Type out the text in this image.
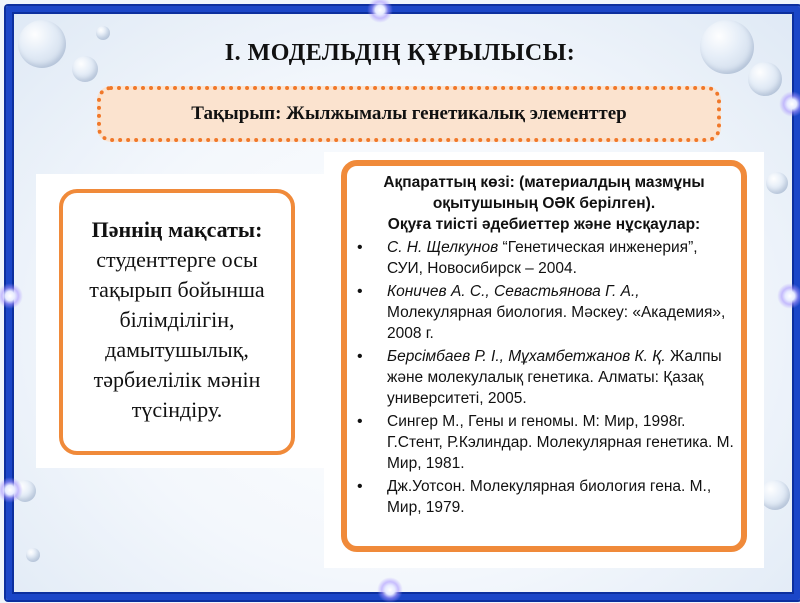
I. МОДЕЛЬДІҢ ҚҰРЫЛЫСЫ:
Тақырып: Жылжымалы генетикалық элементтер
Пәннің мақсаты:
студенттерге осы тақырып бойынша білімділігін, дамытушылық, тәрбиелілік мәнін түсіндіру.
Ақпараттың көзі: (материалдың мазмұны оқытушының ОӘК берілген).
Оқуға тиісті әдебиеттер және нұсқаулар:
• С. Н. Щелкунов “Генетическая инженерия”, СУИ, Новосибирск – 2004.
• Коничев А. С., Севастьянова Г. А., Молекулярная биология. Мәскеу: «Академия», 2008 г.
• Берсімбаев Р. І., Мұхамбетжанов К. Қ. Жалпы және молекулалық генетика. Алматы: Қазақ университеті, 2005.
• Сингер М., Гены и геномы. М: Мир, 1998г. Г.Стент, Р.Кэлиндар. Молекулярная генетика. М. Мир, 1981.
• Дж.Уотсон. Молекулярная биология гена. М., Мир, 1979.
